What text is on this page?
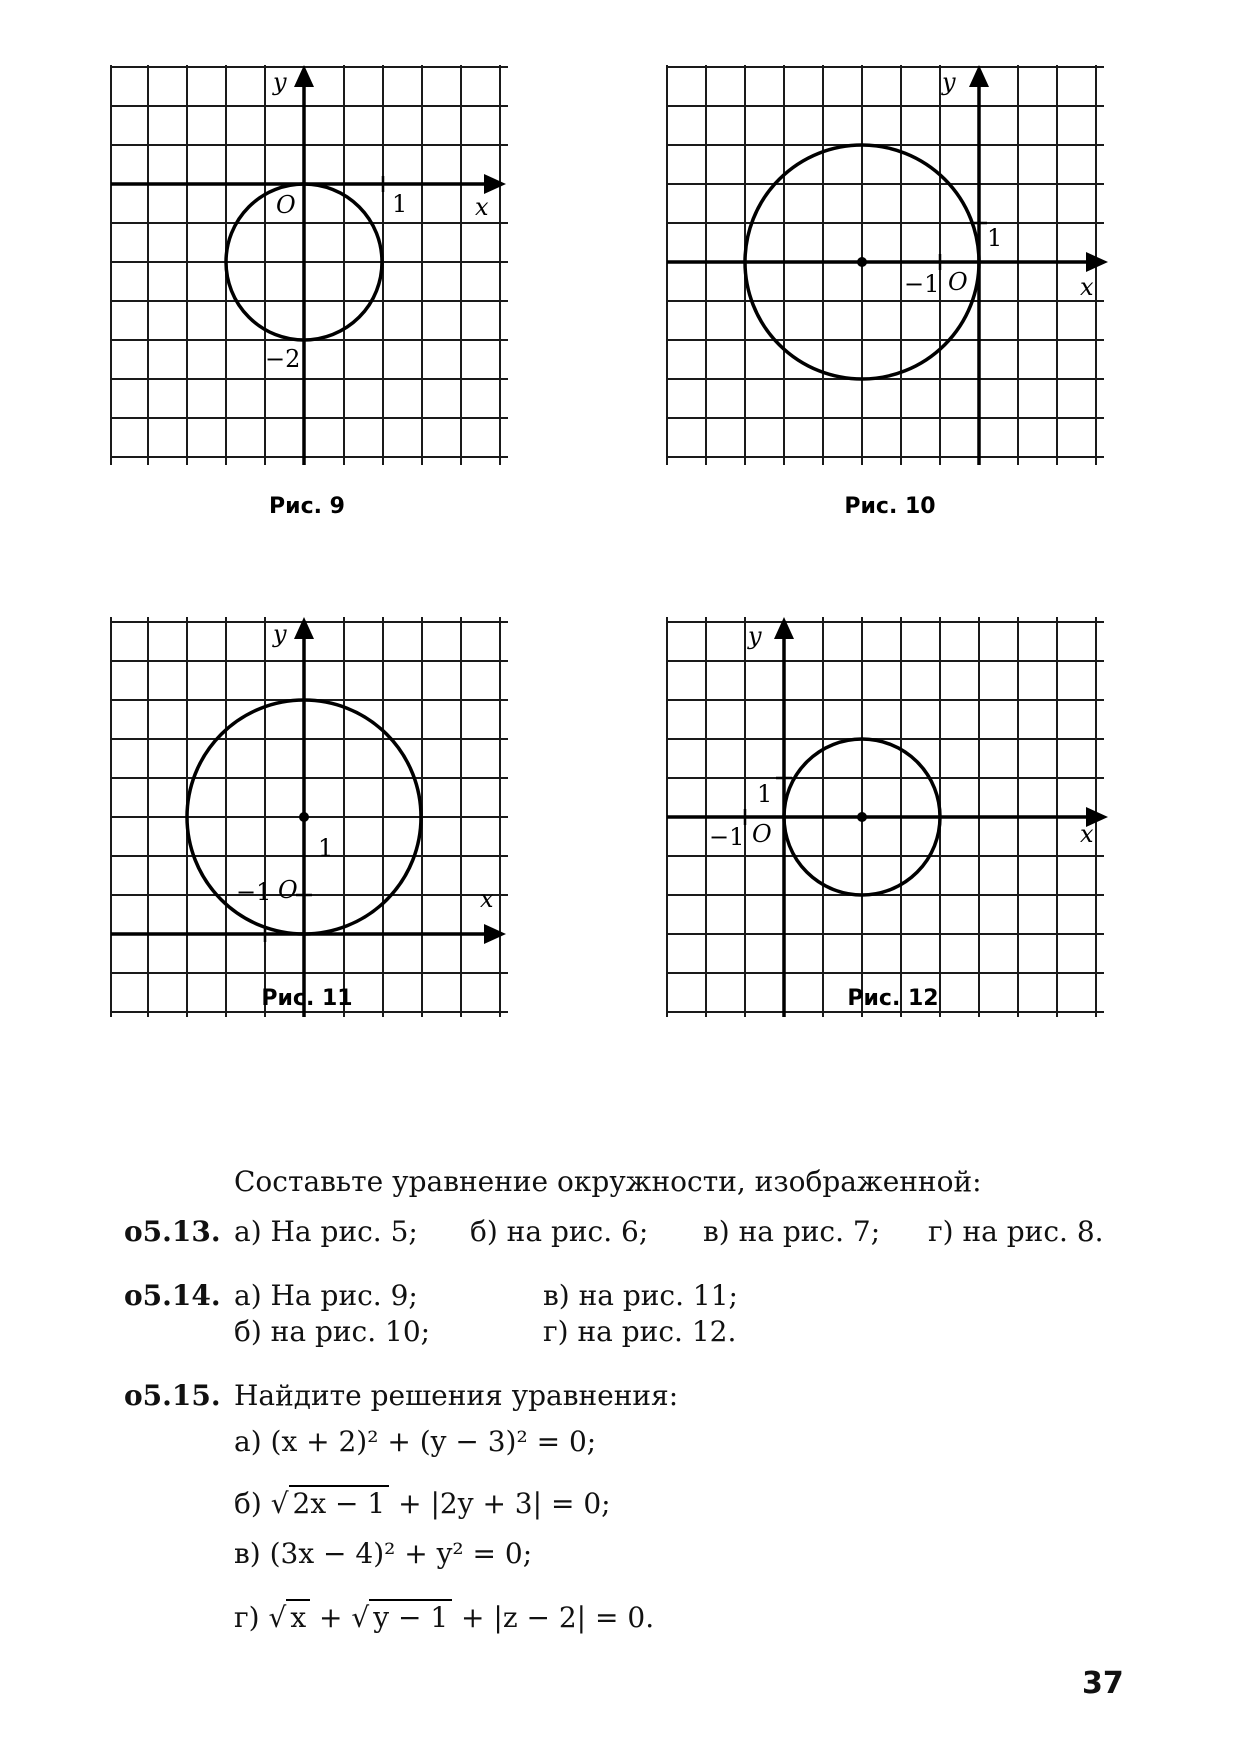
y
x
O	1
−2
Рис. 9
y
x
O
1
−1
Рис. 10
y
x
O
1
−1
Рис. 11
y
x
O
1
−1
Рис. 12
Составьте уравнение окружности, изображенной:
о5.13. а) На рис. 5; б) на рис. 6; в) на рис. 7; г) на рис. 8.
о5.14. а) На рис. 9;	в) на рис. 11;
б) на рис. 10;	г) на рис. 12.
о5.15. Найдите решения уравнения:
а) (x + 2)² + (y − 3)² = 0;
б) √ 2x − 1 + |2y + 3| = 0;
в) (3x − 4)² + y² = 0;
г) √ x + √ y − 1 + |z − 2| = 0.
37
